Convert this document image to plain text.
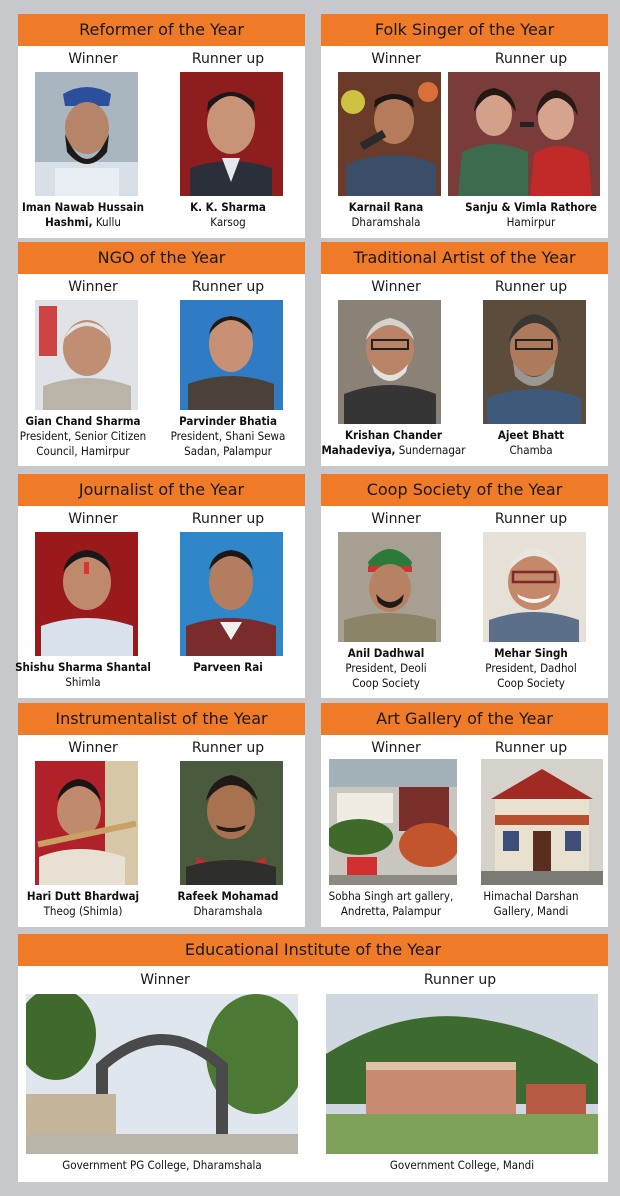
Reformer of the Year
Winner	Runner up
Iman Nawab Hussain
Hashmi, Kullu
K. K. Sharma
Karsog
Folk Singer of the Year
Winner	Runner up
Karnail Rana
Dharamshala
Sanju & Vimla Rathore
Hamirpur
NGO of the Year
Winner	Runner up
Gian Chand Sharma
President, Senior Citizen
Council, Hamirpur
Parvinder Bhatia
President, Shani Sewa
Sadan, Palampur
Traditional Artist of the Year
Winner	Runner up
Krishan Chander
Mahadeviya, Sundernagar
Ajeet Bhatt
Chamba
Journalist of the Year
Winner	Runner up
Shishu Sharma Shantal
Shimla
Parveen Rai
Coop Society of the Year
Winner	Runner up
Anil Dadhwal
President, Deoli
Coop Society
Mehar Singh
President, Dadhol
Coop Society
Instrumentalist of the Year
Winner	Runner up
Hari Dutt Bhardwaj
Theog (Shimla)
Rafeek Mohamad
Dharamshala
Art Gallery of the Year
Winner	Runner up
Sobha Singh art gallery,
Andretta, Palampur
Himachal Darshan
Gallery, Mandi
Educational Institute of the Year
Winner	Runner up
Government PG College, Dharamshala	Government College, Mandi
